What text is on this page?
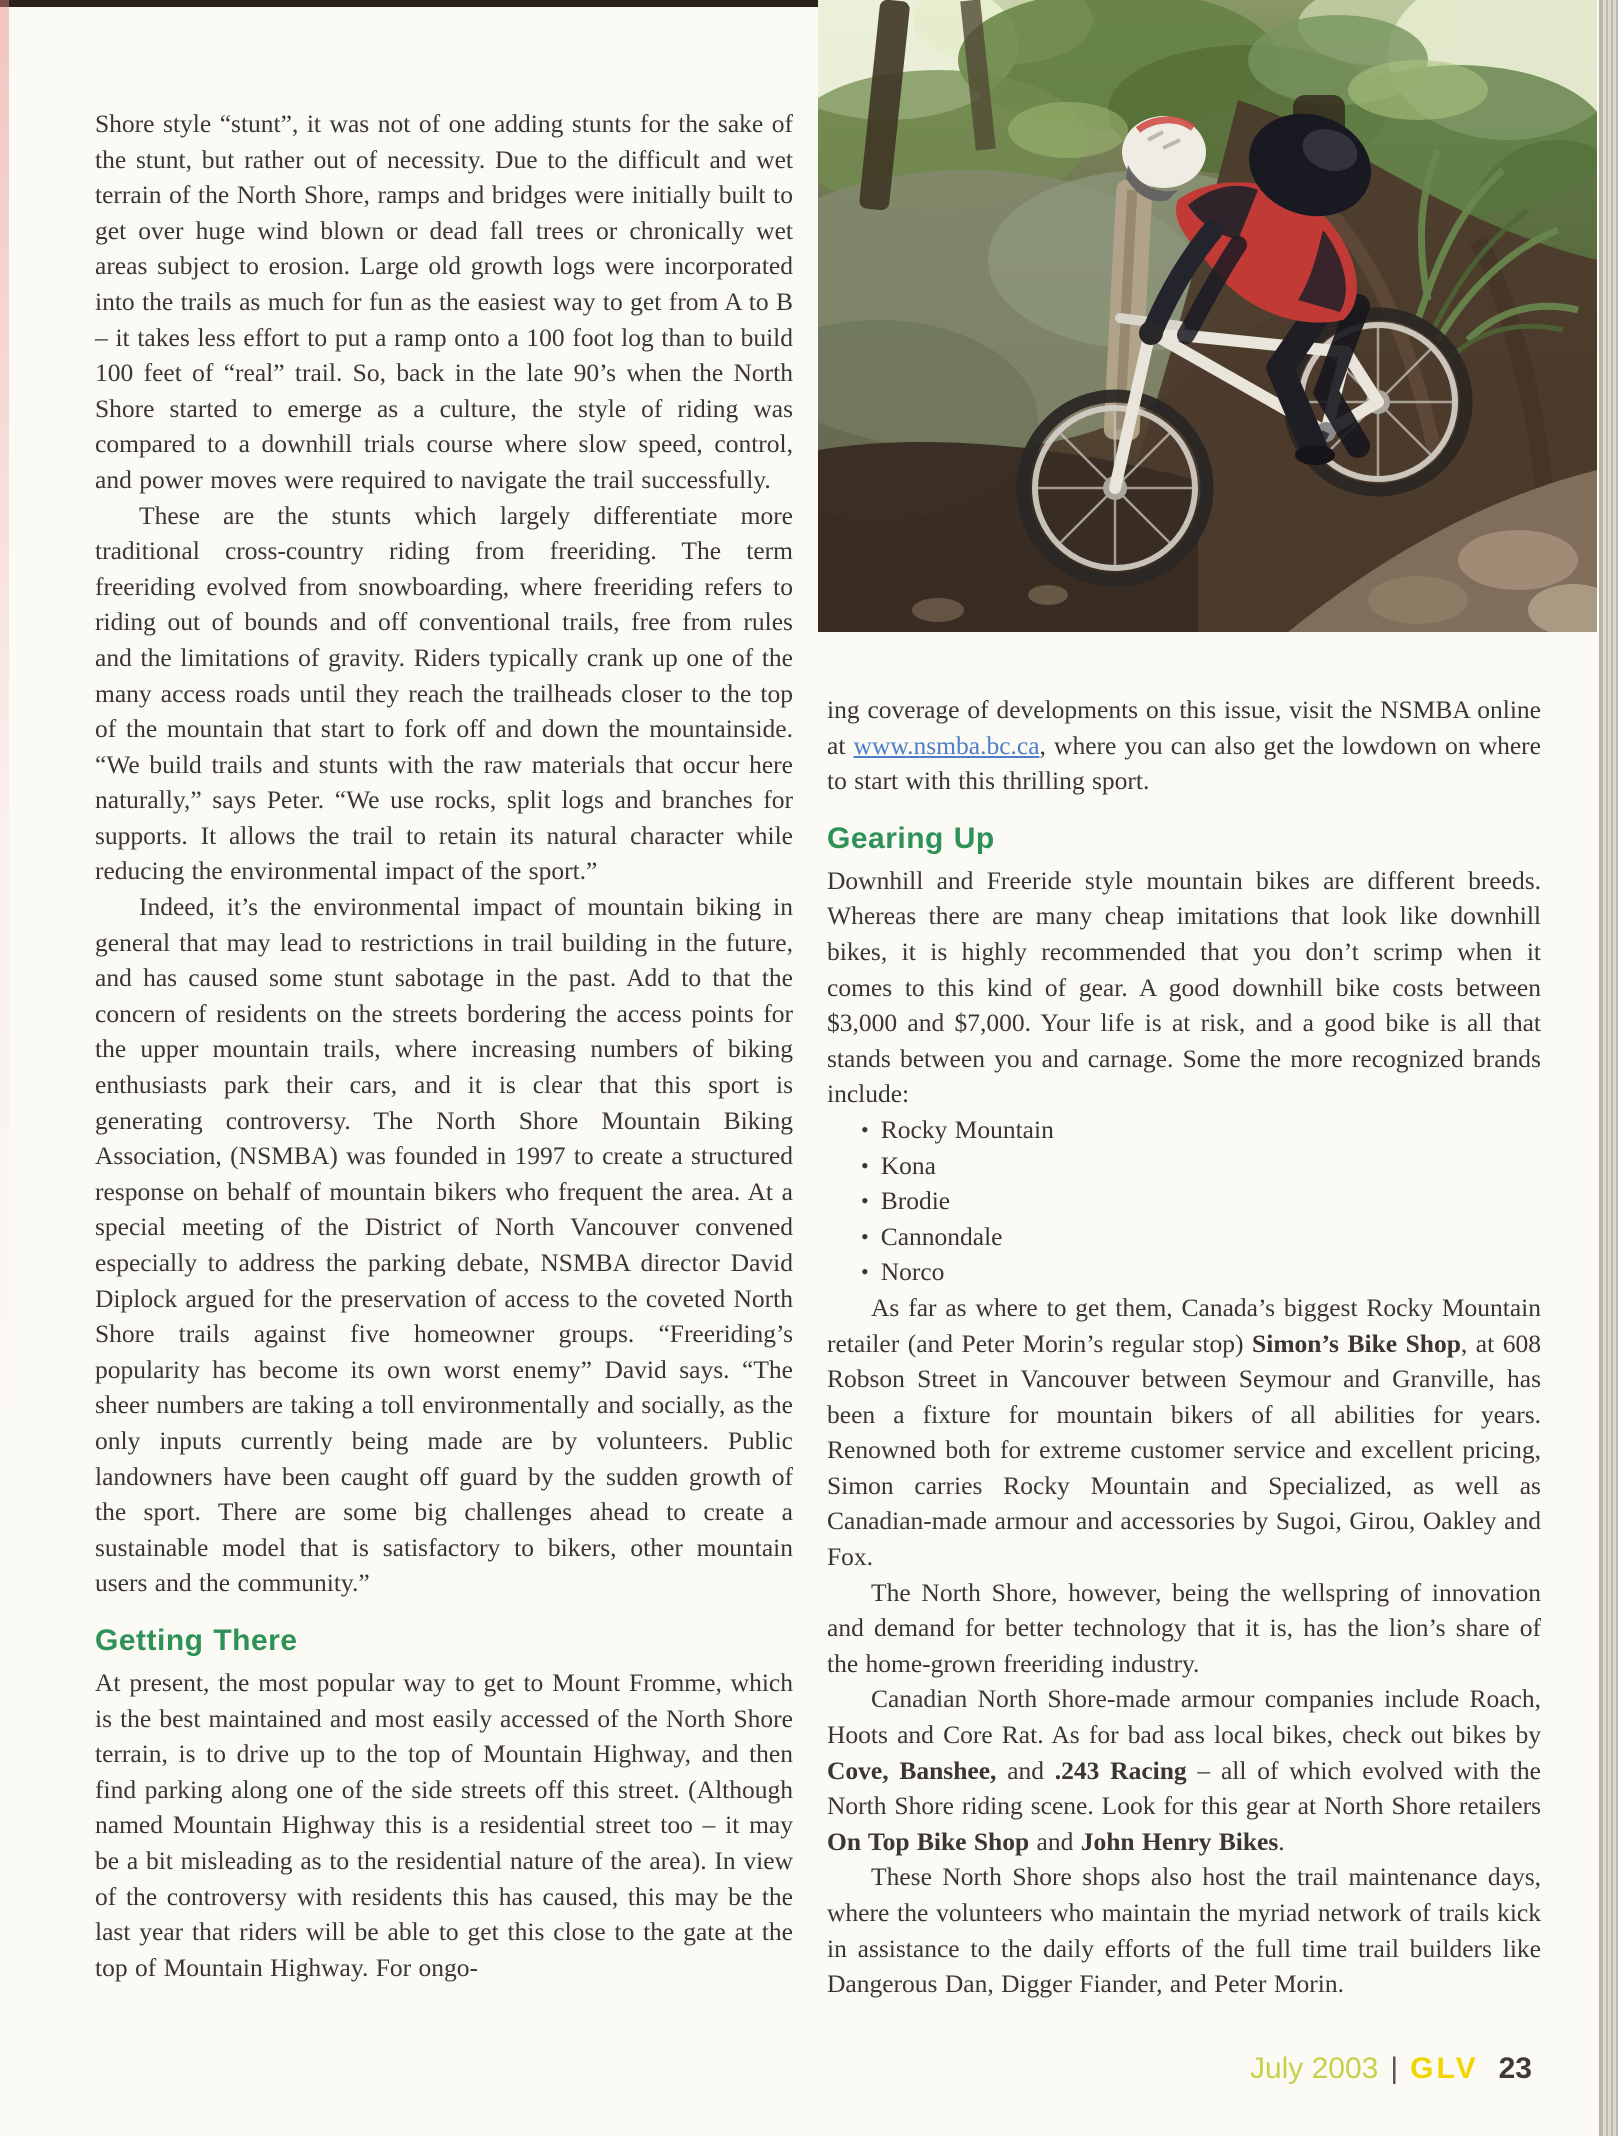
Shore style “stunt”, it was not of one adding stunts for the sake of the stunt, but rather out of necessity. Due to the difficult and wet terrain of the North Shore, ramps and bridges were initially built to get over huge wind blown or dead fall trees or chronically wet areas subject to erosion. Large old growth logs were incorporated into the trails as much for fun as the easiest way to get from A to B – it takes less effort to put a ramp onto a 100 foot log than to build 100 feet of “real” trail. So, back in the late 90’s when the North Shore started to emerge as a culture, the style of riding was compared to a downhill trials course where slow speed, control, and power moves were required to navigate the trail successfully.

These are the stunts which largely differentiate more traditional cross-country riding from freeriding. The term freeriding evolved from snowboarding, where freeriding refers to riding out of bounds and off conventional trails, free from rules and the limitations of gravity. Riders typically crank up one of the many access roads until they reach the trailheads closer to the top of the mountain that start to fork off and down the mountainside. “We build trails and stunts with the raw materials that occur here naturally,” says Peter. “We use rocks, split logs and branches for supports. It allows the trail to retain its natural character while reducing the environmental impact of the sport.”

Indeed, it’s the environmental impact of mountain biking in general that may lead to restrictions in trail building in the future, and has caused some stunt sabotage in the past. Add to that the concern of residents on the streets bordering the access points for the upper mountain trails, where increasing numbers of biking enthusiasts park their cars, and it is clear that this sport is generating controversy. The North Shore Mountain Biking Association, (NSMBA) was founded in 1997 to create a structured response on behalf of mountain bikers who frequent the area. At a special meeting of the District of North Vancouver convened especially to address the parking debate, NSMBA director David Diplock argued for the preservation of access to the coveted North Shore trails against five homeowner groups. “Freeriding’s popularity has become its own worst enemy” David says. “The sheer numbers are taking a toll environmentally and socially, as the only inputs currently being made are by volunteers. Public landowners have been caught off guard by the sudden growth of the sport. There are some big challenges ahead to create a sustainable model that is satisfactory to bikers, other mountain users and the community.”

Getting There

At present, the most popular way to get to Mount Fromme, which is the best maintained and most easily accessed of the North Shore terrain, is to drive up to the top of Mountain Highway, and then find parking along one of the side streets off this street. (Although named Mountain Highway this is a residential street too – it may be a bit misleading as to the residential nature of the area). In view of the controversy with residents this has caused, this may be the last year that riders will be able to get this close to the gate at the top of Mountain Highway. For ongo-

ing coverage of developments on this issue, visit the NSMBA online at www.nsmba.bc.ca, where you can also get the lowdown on where to start with this thrilling sport.

Gearing Up

Downhill and Freeride style mountain bikes are different breeds. Whereas there are many cheap imitations that look like downhill bikes, it is highly recommended that you don’t scrimp when it comes to this kind of gear. A good downhill bike costs between $3,000 and $7,000. Your life is at risk, and a good bike is all that stands between you and carnage. Some the more recognized brands include:

• Rocky Mountain
• Kona
• Brodie
• Cannondale
• Norco

As far as where to get them, Canada’s biggest Rocky Mountain retailer (and Peter Morin’s regular stop) Simon’s Bike Shop, at 608 Robson Street in Vancouver between Seymour and Granville, has been a fixture for mountain bikers of all abilities for years. Renowned both for extreme customer service and excellent pricing, Simon carries Rocky Mountain and Specialized, as well as Canadian-made armour and accessories by Sugoi, Girou, Oakley and Fox.

The North Shore, however, being the wellspring of innovation and demand for better technology that it is, has the lion’s share of the home-grown freeriding industry.

Canadian North Shore-made armour companies include Roach, Hoots and Core Rat. As for bad ass local bikes, check out bikes by Cove, Banshee, and .243 Racing – all of which evolved with the North Shore riding scene. Look for this gear at North Shore retailers On Top Bike Shop and John Henry Bikes.

These North Shore shops also host the trail maintenance days, where the volunteers who maintain the myriad network of trails kick in assistance to the daily efforts of the full time trail builders like Dangerous Dan, Digger Fiander, and Peter Morin.

July 2003 | GLV 23
